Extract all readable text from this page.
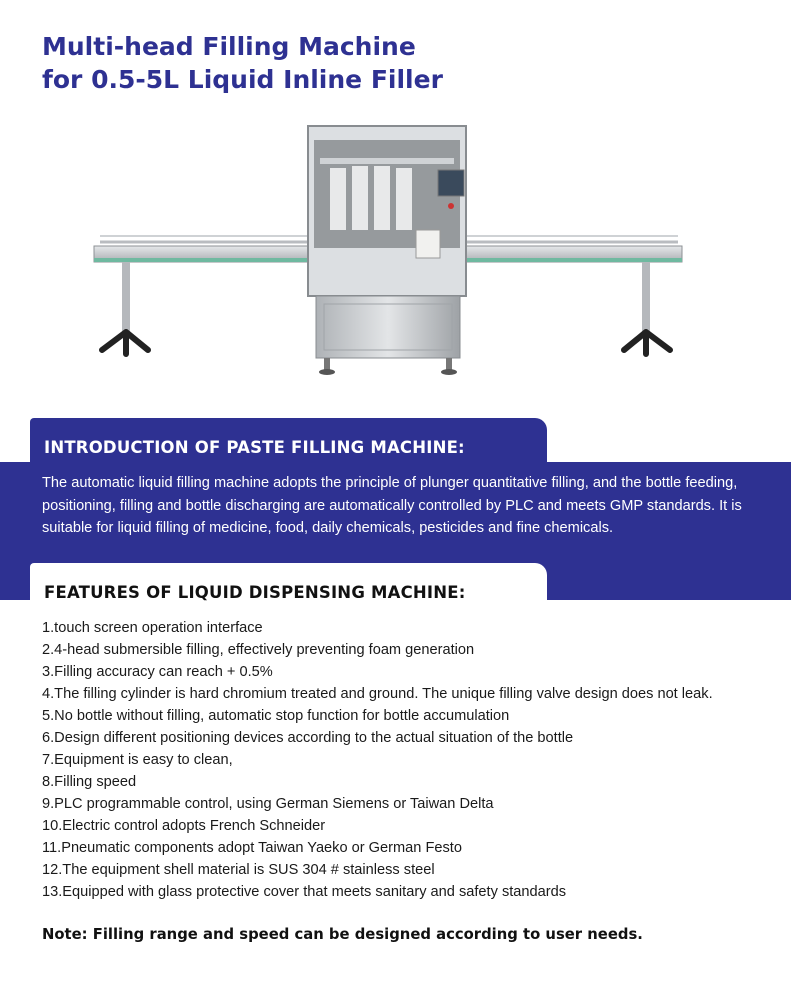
Multi-head Filling Machine
for 0.5-5L Liquid Inline Filler
INTRODUCTION OF PASTE FILLING MACHINE:

The automatic liquid filling machine adopts the principle of plunger quantitative filling, and the bottle feeding, positioning, filling and bottle discharging are automatically controlled by PLC and meets GMP standards. It is suitable for liquid filling of medicine, food, daily chemicals, pesticides and fine chemicals.

FEATURES OF LIQUID DISPENSING MACHINE:
1.touch screen operation interface
2.4-head submersible filling, effectively preventing foam generation
3.Filling accuracy can reach + 0.5%
4.The filling cylinder is hard chromium treated and ground. The unique filling valve design does not leak.
5.No bottle without filling, automatic stop function for bottle accumulation
6.Design different positioning devices according to the actual situation of the bottle
7.Equipment is easy to clean,
8.Filling speed
9.PLC programmable control, using German Siemens or Taiwan Delta
10.Electric control adopts French Schneider
11.Pneumatic components adopt Taiwan Yaeko or German Festo
12.The equipment shell material is SUS 304 # stainless steel
13.Equipped with glass protective cover that meets sanitary and safety standards

Note: Filling range and speed can be designed according to user needs.
